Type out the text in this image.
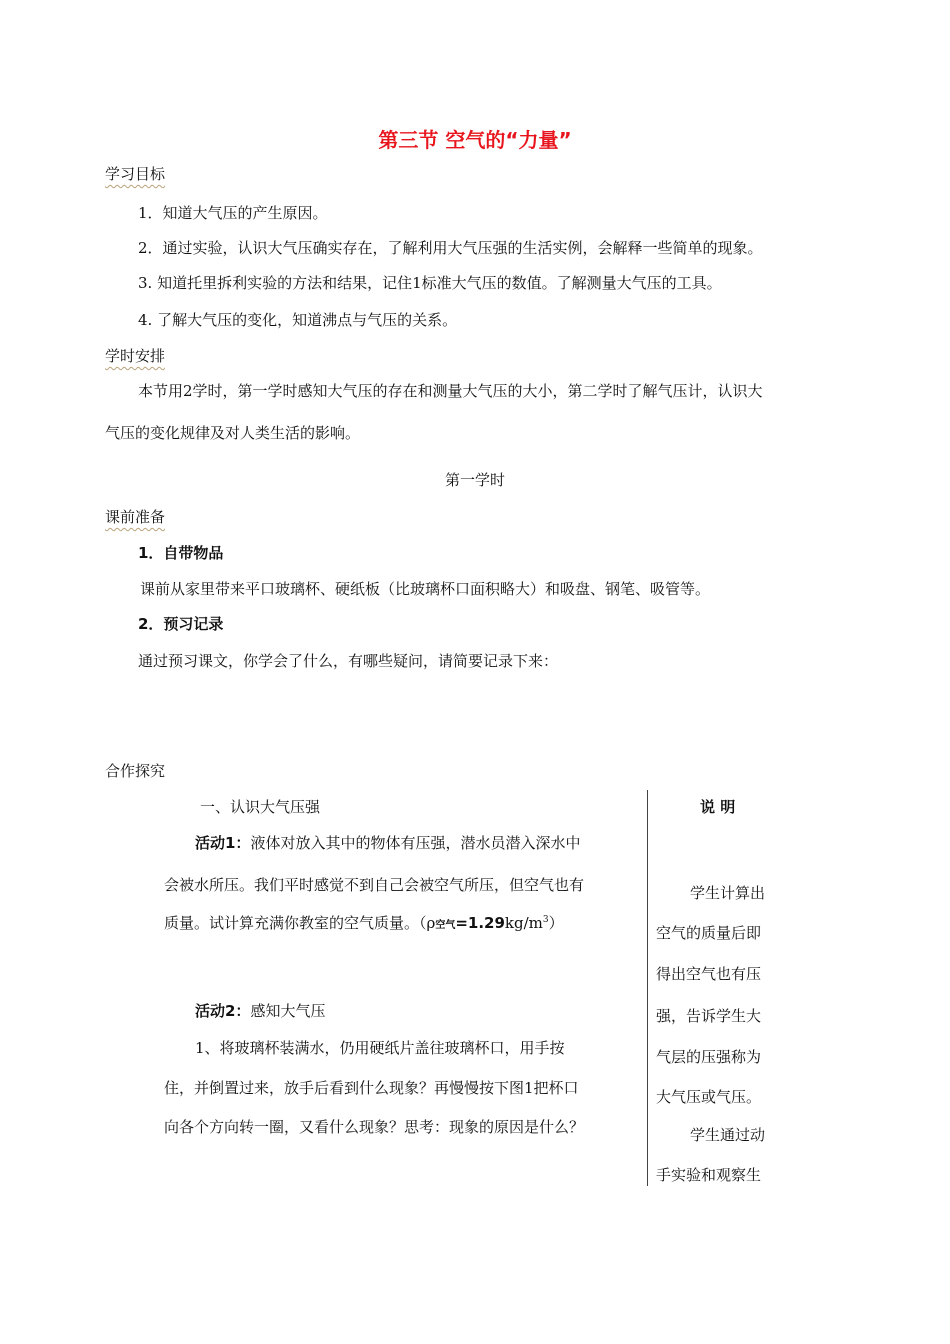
第三节 空气的“力量”
学习目标
1．知道大气压的产生原因。
2．通过实验，认识大气压确实存在，了解利用大气压强的生活实例，会解释一些简单的现象。
3. 知道托里拆利实验的方法和结果，记住1标准大气压的数值。了解测量大气压的工具。
4. 了解大气压的变化，知道沸点与气压的关系。
学时安排
本节用2学时，第一学时感知大气压的存在和测量大气压的大小，第二学时了解气压计，认识大
气压的变化规律及对人类生活的影响。
第一学时
课前准备
1．自带物品
课前从家里带来平口玻璃杯、硬纸板（比玻璃杯口面积略大）和吸盘、钢笔、吸管等。
2．预习记录
通过预习课文，你学会了什么，有哪些疑问，请简要记录下来：
合作探究
一、认识大气压强
活动1：液体对放入其中的物体有压强，潜水员潜入深水中
会被水所压。我们平时感觉不到自己会被空气所压，但空气也有
质量。试计算充满你教室的空气质量。（ρ空气$=1.29kg/m^3$）
活动2：感知大气压
1、将玻璃杯装满水，仍用硬纸片盖往玻璃杯口，用手按
住，并倒置过来，放手后看到什么现象？再慢慢按下图1把杯口
向各个方向转一圈，又看什么现象？思考：现象的原因是什么？
说 明
学生计算出
空气的质量后即
得出空气也有压
强，告诉学生大
气层的压强称为
大气压或气压。
学生通过动
手实验和观察生
